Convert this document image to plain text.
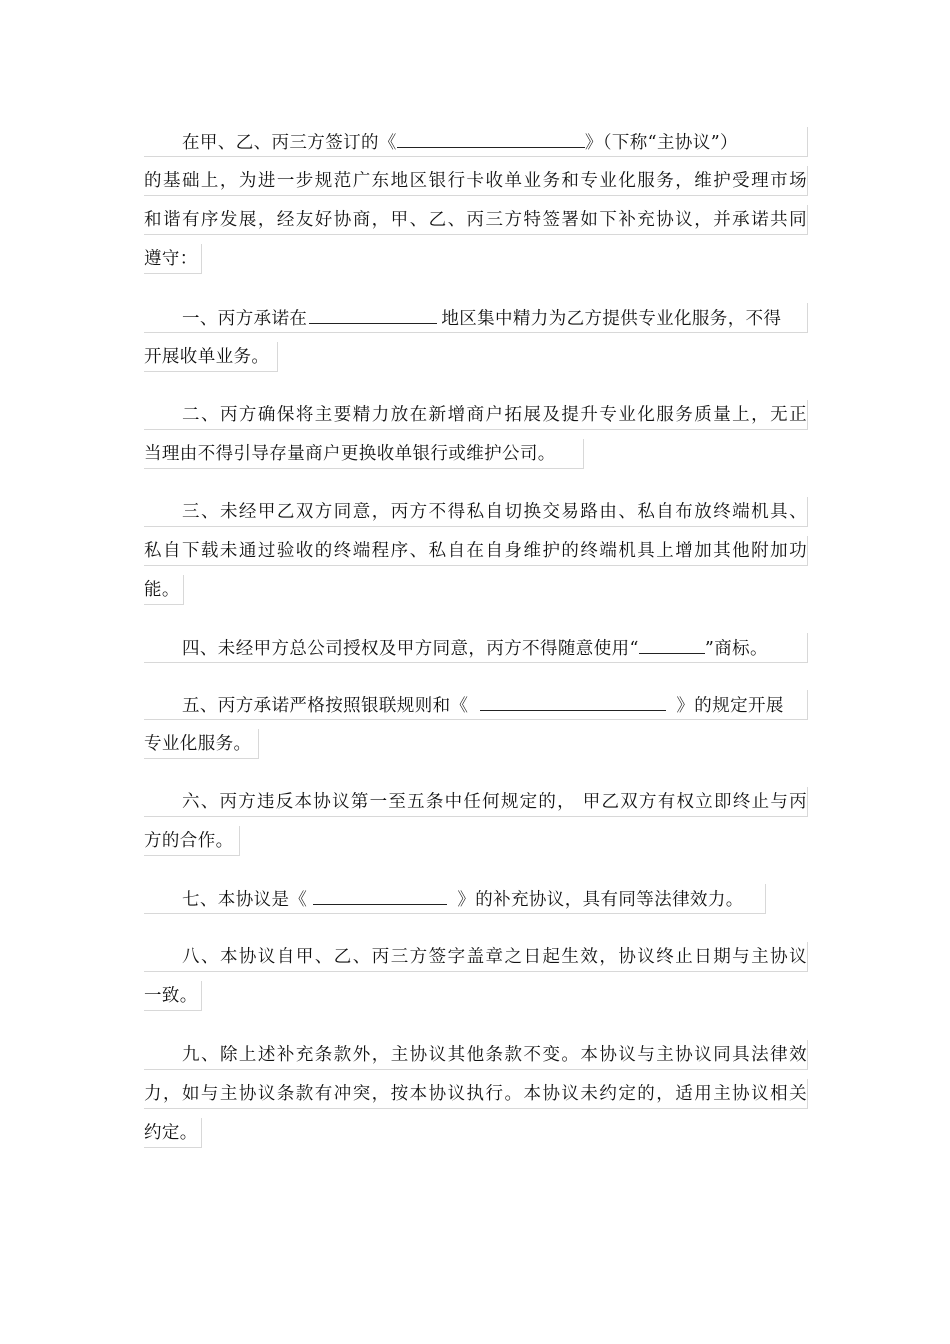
在甲、乙、丙三方签订的《	》（下称“主协议”）
的基础上，为进一步规范广东地区银行卡收单业务和专业化服务，维护受理市场
和谐有序发展，经友好协商，甲、乙、丙三方特签署如下补充协议，并承诺共同
遵守：
一、丙方承诺在	地区集中精力为乙方提供专业化服务，不得
开展收单业务。
二、丙方确保将主要精力放在新增商户拓展及提升专业化服务质量上，无正
当理由不得引导存量商户更换收单银行或维护公司。
三、未经甲乙双方同意，丙方不得私自切换交易路由、私自布放终端机具、
私自下载未通过验收的终端程序、私自在自身维护的终端机具上增加其他附加功
能。
四、未经甲方总公司授权及甲方同意，丙方不得随意使用“	”商标。
五、丙方承诺严格按照银联规则和《	》的规定开展
专业化服务。
六、丙方违反本协议第一至五条中任何规定的， 甲乙双方有权立即终止与丙
方的合作。
七、本协议是《	》的补充协议，具有同等法律效力。
八、本协议自甲、乙、丙三方签字盖章之日起生效，协议终止日期与主协议
一致。
九、除上述补充条款外，主协议其他条款不变。本协议与主协议同具法律效
力，如与主协议条款有冲突，按本协议执行。本协议未约定的，适用主协议相关
约定。
